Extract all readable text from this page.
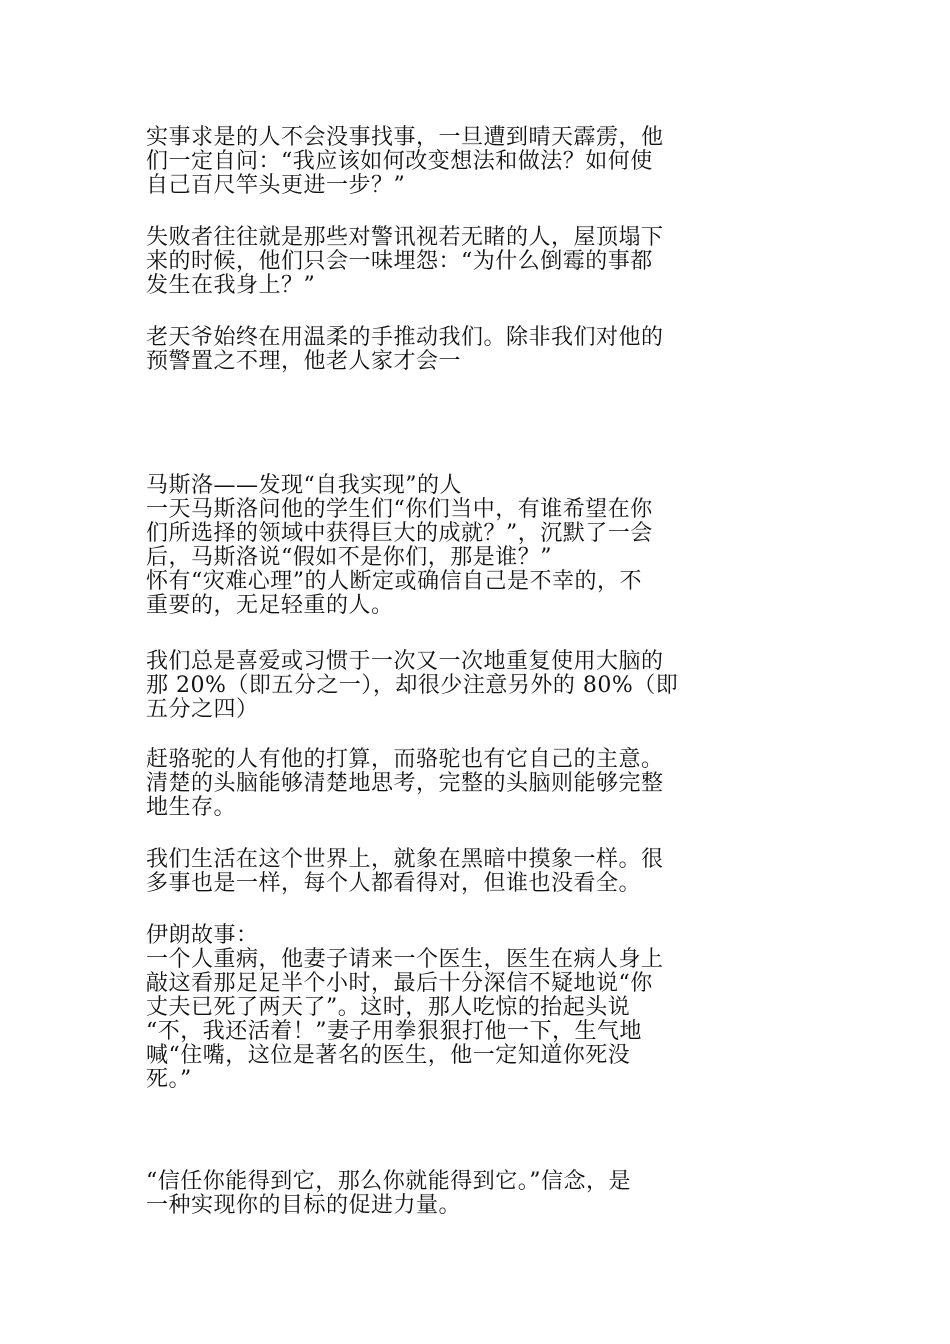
实事求是的人不会没事找事，一旦遭到晴天霹雳，他

们一定自问：“我应该如何改变想法和做法？如何使

自己百尺竿头更进一步？”

失败者往往就是那些对警讯视若无睹的人，屋顶塌下

来的时候，他们只会一味埋怨：“为什么倒霉的事都

发生在我身上？”

老天爷始终在用温柔的手推动我们。除非我们对他的

预警置之不理，他老人家才会一

马斯洛——发现“自我实现”的人

一天马斯洛问他的学生们“你们当中，有谁希望在你

们所选择的领域中获得巨大的成就？”，沉默了一会

后，马斯洛说“假如不是你们，那是谁？”

怀有“灾难心理”的人断定或确信自己是不幸的，不

重要的，无足轻重的人。

我们总是喜爱或习惯于一次又一次地重复使用大脑的

那 20%（即五分之一），却很少注意另外的 80%（即

五分之四）

赶骆驼的人有他的打算，而骆驼也有它自己的主意。

清楚的头脑能够清楚地思考，完整的头脑则能够完整

地生存。

我们生活在这个世界上，就象在黑暗中摸象一样。很

多事也是一样，每个人都看得对，但谁也没看全。

伊朗故事：

一个人重病，他妻子请来一个医生，医生在病人身上

敲这看那足足半个小时，最后十分深信不疑地说“你

丈夫已死了两天了”。这时，那人吃惊的抬起头说

“不，我还活着！”妻子用拳狠狠打他一下，生气地

喊“住嘴，这位是著名的医生，他一定知道你死没

死。”

“信任你能得到它，那么你就能得到它。”信念，是

一种实现你的目标的促进力量。
